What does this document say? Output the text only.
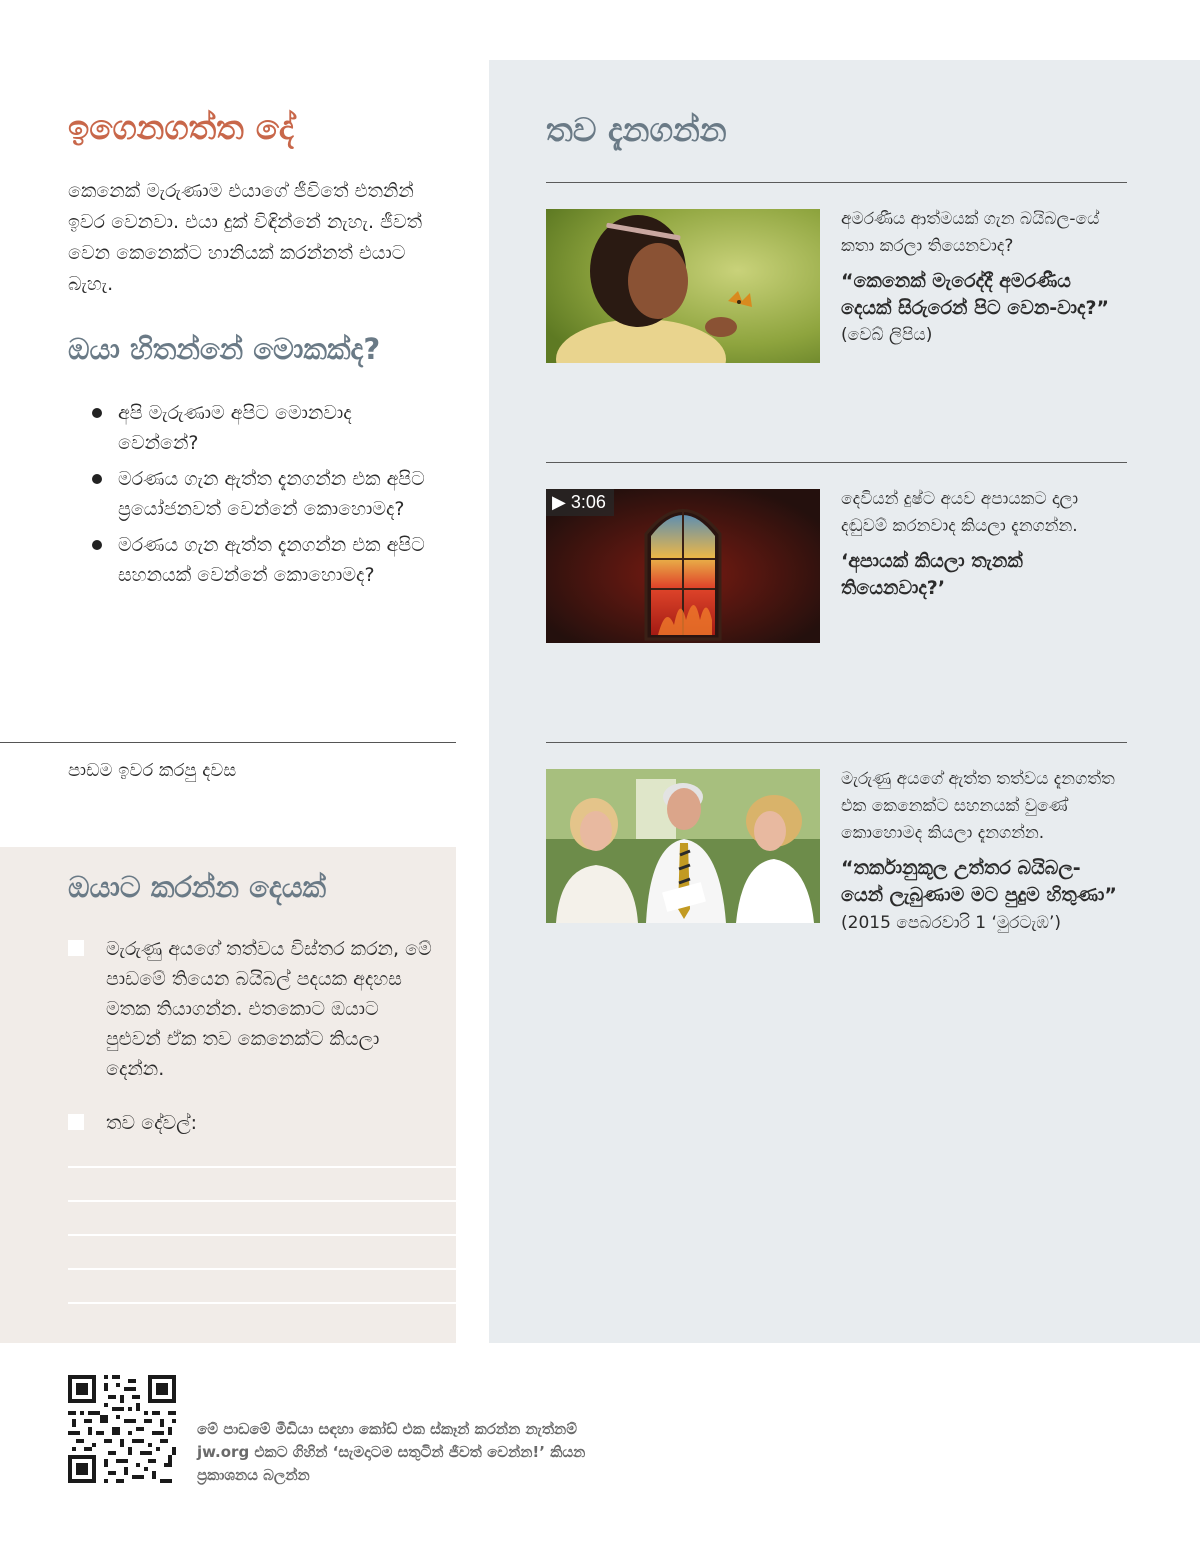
ඉගෙනගත්ත දේ

කෙනෙක් මැරුණාම එයාගේ ජීවිතේ එතනින් ඉවර වෙනවා. එයා දුක් විඳින්නේ නැහැ. ජීවත් වෙන කෙනෙක්ට හානියක් කරන්නත් එයාට බැහැ.

ඔයා හිතන්නේ මොකක්ද?
අපි මැරුණාම අපිට මොනවාද වෙන්නේ?
මරණය ගැන ඇත්ත දැනගන්න එක අපිට ප්‍රයෝජනවත් වෙන්නේ කොහොමද?
මරණය ගැන ඇත්ත දැනගන්න එක අපිට සහනයක් වෙන්නේ කොහොමද?
පාඩම ඉවර කරපු දවස
ඔයාට කරන්න දෙයක්
මැරුණු අයගේ තත්වය විස්තර කරන, මේ පාඩමේ තියෙන බයිබල් පදයක අදහස මතක තියාගන්න. එතකොට ඔයාට පුළුවන් ඒක තව කෙනෙක්ට කියලා දෙන්න.
තව දේවල්:
තව දැනගන්න
අමරණීය ආත්මයක් ගැන බයිබල-යේ කතා කරලා තියෙනවාද?
“කෙනෙක් මැරෙද්දී අමරණීය දෙයක් සිරුරෙන් පිට වෙන-වාද?”
(වෙබ් ලිපිය)
▶ 3:06	දෙවියන් දුෂ්ට අයව අපායකට දාලා දඬුවම් කරනවාද කියලා දැනගන්න.
‘අපායක් කියලා තැනක් තියෙනවාද?’
මැරුණු අයගේ ඇත්ත තත්වය දැනගත්ත එක කෙනෙක්ට සහනයක් වුණේ කොහොමද කියලා දැනගන්න.
“තර්කානුකූල උත්තර බයිබල-යෙන් ලැබුණාම මට පුදුම හිතුණා” (2015 පෙබරවාරි 1 ‘මුරටැඹ’)
මේ පාඩමේ මීඩියා සඳහා කෝඩ් එක ස්කෑන් කරන්න නැත්නම් jw.org එකට ගිහින් ‘සැමදාටම සතුටින් ජීවත් වෙන්න!’ කියන ප්‍රකාශනය බලන්න
